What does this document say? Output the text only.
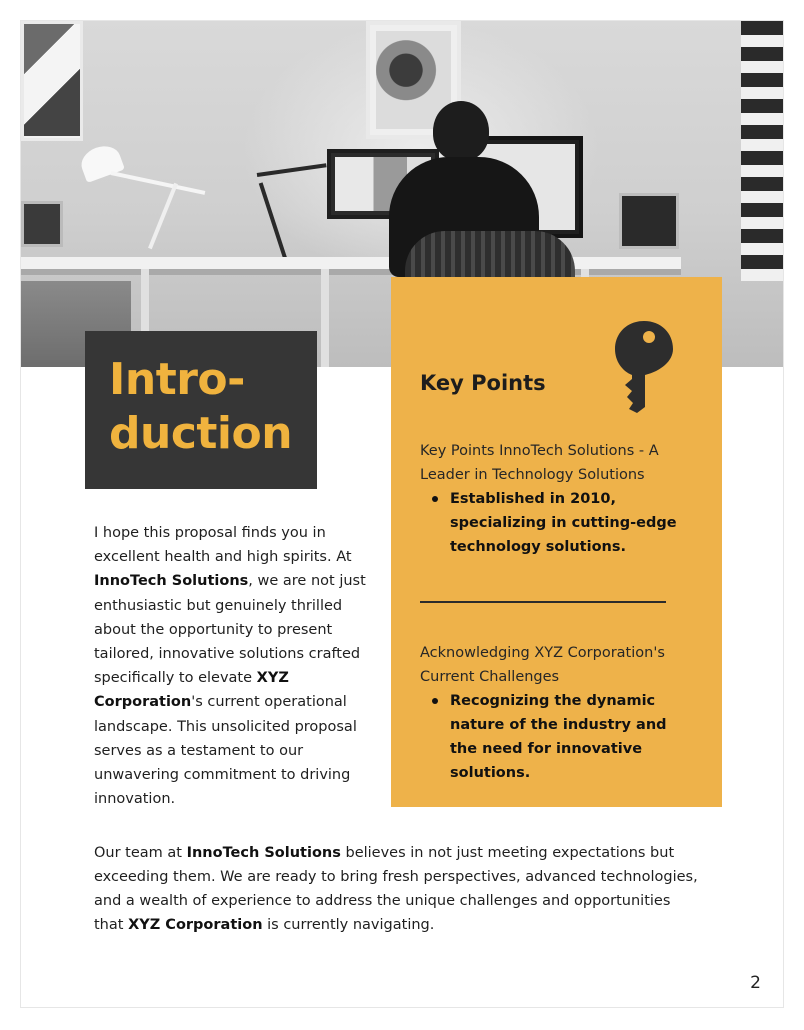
Intro-
duction
Key Points
Key Points InnoTech Solutions - A Leader in Technology Solutions
Established in 2010, specializing in cutting-edge technology solutions.
Acknowledging XYZ Corporation's Current Challenges
Recognizing the dynamic nature of the industry and the need for innovative solutions.

I hope this proposal finds you in excellent health and high spirits. At InnoTech Solutions, we are not just enthusiastic but genuinely thrilled about the opportunity to present tailored, innovative solutions crafted specifically to elevate XYZ Corporation's current operational landscape. This unsolicited proposal serves as a testament to our unwavering commitment to driving innovation.

Our team at InnoTech Solutions believes in not just meeting expectations but exceeding them. We are ready to bring fresh perspectives, advanced technologies, and a wealth of experience to address the unique challenges and opportunities that XYZ Corporation is currently navigating.

2
